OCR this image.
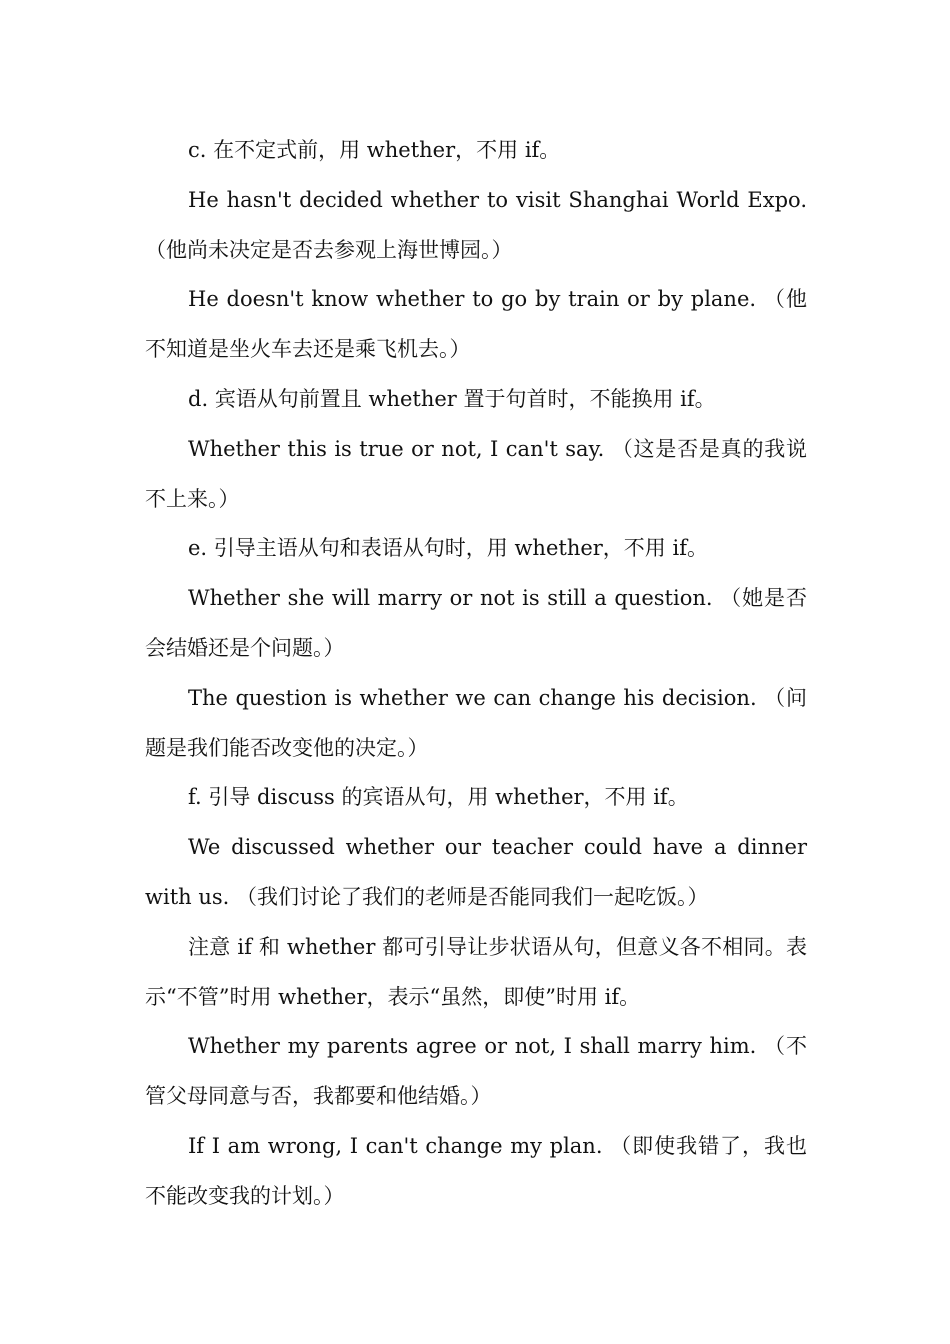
c. 在不定式前，用 whether，不用 if。

He hasn't decided whether to visit Shanghai World Expo. （他尚未决定是否去参观上海世博园。）

He doesn't know whether to go by train or by plane. （他不知道是坐火车去还是乘飞机去。）

d. 宾语从句前置且 whether 置于句首时，不能换用 if。

Whether this is true or not, I can't say. （这是否是真的我说不上来。）

e. 引导主语从句和表语从句时，用 whether，不用 if。

Whether she will marry or not is still a question. （她是否会结婚还是个问题。）

The question is whether we can change his decision. （问题是我们能否改变他的决定。）

f. 引导 discuss 的宾语从句，用 whether，不用 if。

We discussed whether our teacher could have a dinner with us. （我们讨论了我们的老师是否能同我们一起吃饭。）

注意 if 和 whether 都可引导让步状语从句，但意义各不相同。表示“不管”时用 whether，表示“虽然，即使”时用 if。

Whether my parents agree or not, I shall marry him. （不管父母同意与否，我都要和他结婚。）

If I am wrong, I can't change my plan. （即使我错了，我也不能改变我的计划。）
